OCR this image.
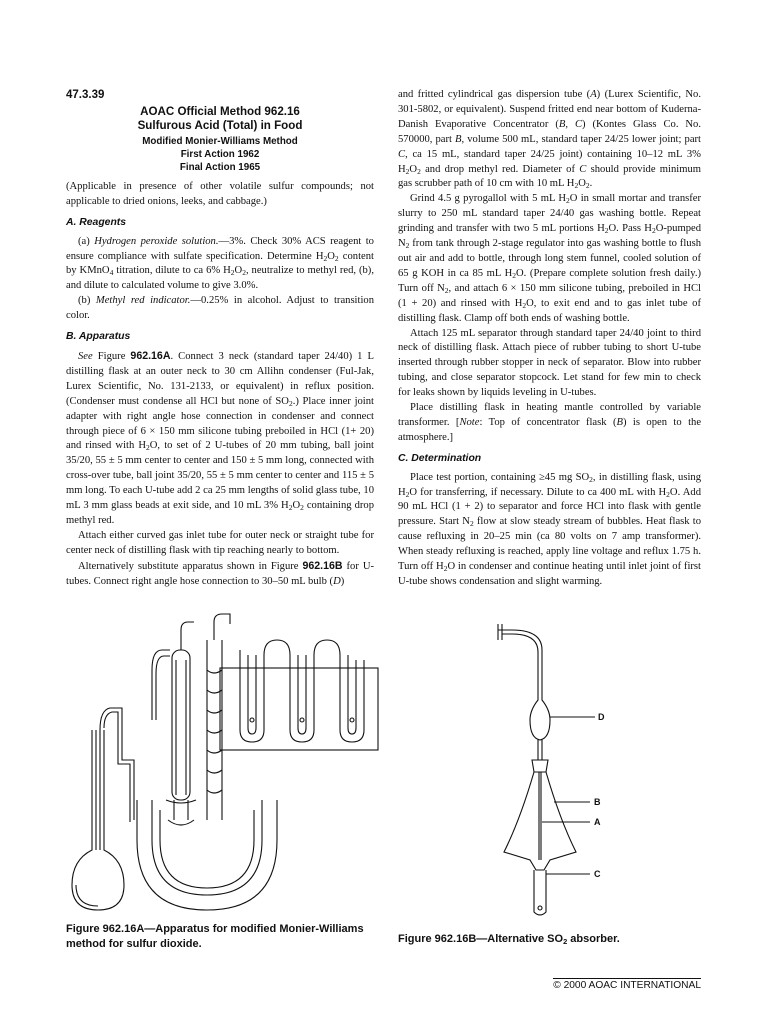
47.3.39
AOAC Official Method 962.16
Sulfurous Acid (Total) in Food
Modified Monier-Williams Method
First Action 1962
Final Action 1965

(Applicable in presence of other volatile sulfur compounds; not applicable to dried onions, leeks, and cabbage.)

A. Reagents

(a) Hydrogen peroxide solution.—3%. Check 30% ACS reagent to ensure compliance with sulfate specification. Determine $H_2O_2$ content by KMnO$_4$ titration, dilute to ca 6% $H_2O_2$, neutralize to methyl red, (b), and dilute to calculated volume to give 3.0%.

(b) Methyl red indicator.—0.25% in alcohol. Adjust to transition color.

B. Apparatus

See Figure 962.16A. Connect 3 neck (standard taper 24/40) 1 L distilling flask at an outer neck to 30 cm Allihn condenser (Ful-Jak, Lurex Scientific, No. 131-2133, or equivalent) in reflux position. (Condenser must condense all HCl but none of $SO_2$.) Place inner joint adapter with right angle hose connection in condenser and connect through piece of 6 × 150 mm silicone tubing preboiled in HCl (1+ 20) and rinsed with $H_2O$, to set of 2 U-tubes of 20 mm tubing, ball joint 35/20, 55 ± 5 mm center to center and 150 ± 5 mm long, connected with cross-over tube, ball joint 35/20, 55 ± 5 mm center to center and 115 ± 5 mm long. To each U-tube add 2 ca 25 mm lengths of solid glass tube, 10 mL 3 mm glass beads at exit side, and 10 mL 3% $H_2O_2$ containing drop methyl red.

Attach either curved gas inlet tube for outer neck or straight tube for center neck of distilling flask with tip reaching nearly to bottom.

Alternatively substitute apparatus shown in Figure 962.16B for U-tubes. Connect right angle hose connection to 30–50 mL bulb (D)

and fritted cylindrical gas dispersion tube (A) (Lurex Scientific, No. 301-5802, or equivalent). Suspend fritted end near bottom of Kuderna-Danish Evaporative Concentrator (B, C) (Kontes Glass Co. No. 570000, part B, volume 500 mL, standard taper 24/25 lower joint; part C, ca 15 mL, standard taper 24/25 joint) containing 10–12 mL 3% $H_2O_2$ and drop methyl red. Diameter of C should provide minimum gas scrubber path of 10 cm with 10 mL $H_2O_2$.

Grind 4.5 g pyrogallol with 5 mL $H_2O$ in small mortar and transfer slurry to 250 mL standard taper 24/40 gas washing bottle. Repeat grinding and transfer with two 5 mL portions $H_2O$. Pass $H_2O$-pumped $N_2$ from tank through 2-stage regulator into gas washing bottle to flush out air and add to bottle, through long stem funnel, cooled solution of 65 g KOH in ca 85 mL $H_2O$. (Prepare complete solution fresh daily.) Turn off $N_2$, and attach 6 × 150 mm silicone tubing, preboiled in HCl (1 + 20) and rinsed with $H_2O$, to exit end and to gas inlet tube of distilling flask. Clamp off both ends of washing bottle.

Attach 125 mL separator through standard taper 24/40 joint to third neck of distilling flask. Attach piece of rubber tubing to short U-tube inserted through rubber stopper in neck of separator. Blow into rubber tubing, and close separator stopcock. Let stand for few min to check for leaks shown by liquids leveling in U-tubes.

Place distilling flask in heating mantle controlled by variable transformer. [Note: Top of concentrator flask (B) is open to the atmosphere.]

C. Determination

Place test portion, containing ≥45 mg $SO_2$, in distilling flask, using $H_2O$ for transferring, if necessary. Dilute to ca 400 mL with $H_2O$. Add 90 mL HCl (1 + 2) to separator and force HCl into flask with gentle pressure. Start $N_2$ flow at slow steady stream of bubbles. Heat flask to cause refluxing in 20–25 min (ca 80 volts on 7 amp transformer). When steady refluxing is reached, apply line voltage and reflux 1.75 h. Turn off $H_2O$ in condenser and continue heating until inlet joint of first U-tube shows condensation and slight warming.

Figure 962.16A—Apparatus for modified Monier-Williams method for sulfur dioxide.
D
B
A
C
Figure 962.16B—Alternative $SO_2$ absorber.
© 2000 AOAC INTERNATIONAL
